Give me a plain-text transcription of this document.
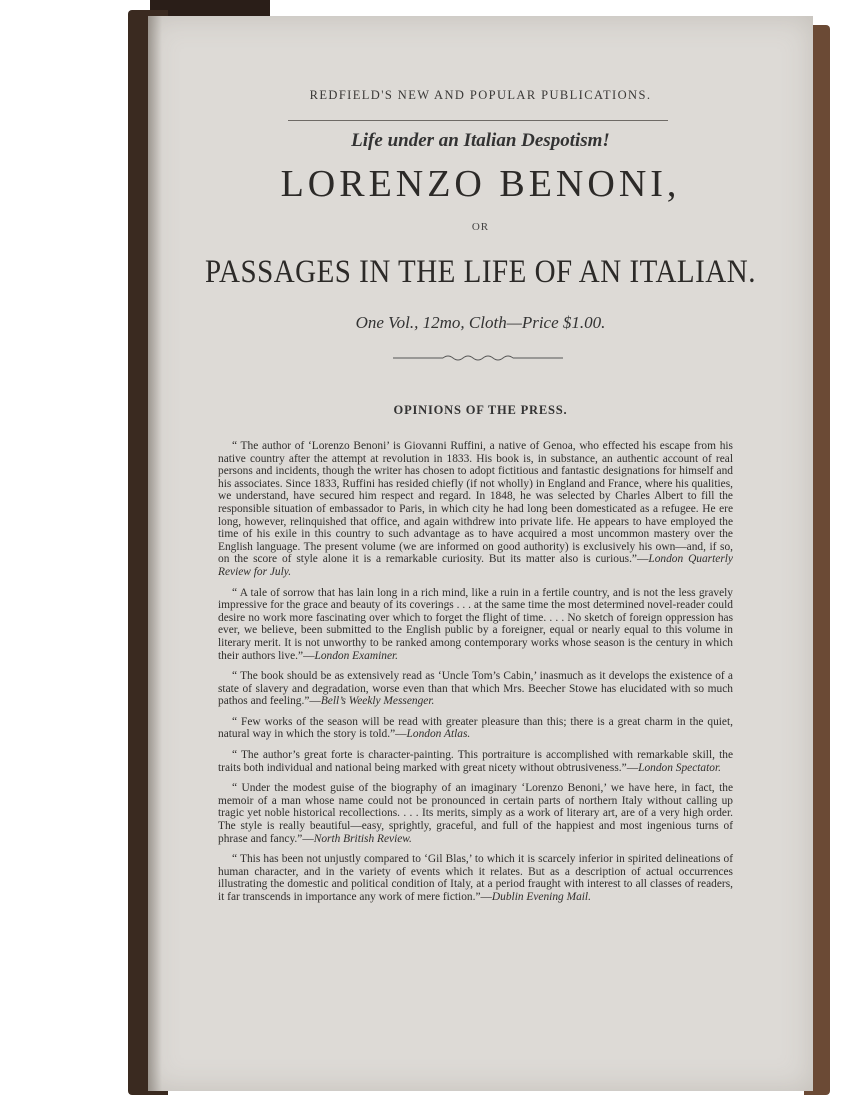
REDFIELD'S NEW AND POPULAR PUBLICATIONS.
Life under an Italian Despotism!
LORENZO BENONI,
OR
PASSAGES IN THE LIFE OF AN ITALIAN.
One Vol., 12mo, Cloth—Price $1.00.
OPINIONS OF THE PRESS.

“ The author of ‘Lorenzo Benoni’ is Giovanni Ruffini, a native of Genoa, who effected his escape from his native country after the attempt at revolution in 1833. His book is, in substance, an authentic account of real persons and incidents, though the writer has chosen to adopt fictitious and fantastic designations for himself and his associates. Since 1833, Ruffini has resided chiefly (if not wholly) in England and France, where his qualities, we understand, have secured him respect and regard. In 1848, he was selected by Charles Albert to fill the responsible situation of embassador to Paris, in which city he had long been domesticated as a refugee. He ere long, however, relinquished that office, and again withdrew into private life. He appears to have employed the time of his exile in this country to such advantage as to have acquired a most uncommon mastery over the English language. The present volume (we are informed on good authority) is exclusively his own—and, if so, on the score of style alone it is a remarkable curiosity. But its matter also is curious.”—London Quarterly Review for July.

“ A tale of sorrow that has lain long in a rich mind, like a ruin in a fertile country, and is not the less gravely impressive for the grace and beauty of its coverings . . . at the same time the most determined novel-reader could desire no work more fascinating over which to forget the flight of time. . . . No sketch of foreign oppression has ever, we believe, been submitted to the English public by a foreigner, equal or nearly equal to this volume in literary merit. It is not unworthy to be ranked among contemporary works whose season is the century in which their authors live.”—London Examiner.

“ The book should be as extensively read as ‘Uncle Tom’s Cabin,’ inasmuch as it develops the existence of a state of slavery and degradation, worse even than that which Mrs. Beecher Stowe has elucidated with so much pathos and feeling.”—Bell’s Weekly Messenger.

“ Few works of the season will be read with greater pleasure than this; there is a great charm in the quiet, natural way in which the story is told.”—London Atlas.

“ The author’s great forte is character-painting. This portraiture is accomplished with remarkable skill, the traits both individual and national being marked with great nicety without obtrusiveness.”—London Spectator.

“ Under the modest guise of the biography of an imaginary ‘Lorenzo Benoni,’ we have here, in fact, the memoir of a man whose name could not be pronounced in certain parts of northern Italy without calling up tragic yet noble historical recollections. . . . Its merits, simply as a work of literary art, are of a very high order. The style is really beautiful—easy, sprightly, graceful, and full of the happiest and most ingenious turns of phrase and fancy.”—North British Review.

“ This has been not unjustly compared to ‘Gil Blas,’ to which it is scarcely inferior in spirited delineations of human character, and in the variety of events which it relates. But as a description of actual occurrences illustrating the domestic and political condition of Italy, at a period fraught with interest to all classes of readers, it far transcends in importance any work of mere fiction.”—Dublin Evening Mail.
